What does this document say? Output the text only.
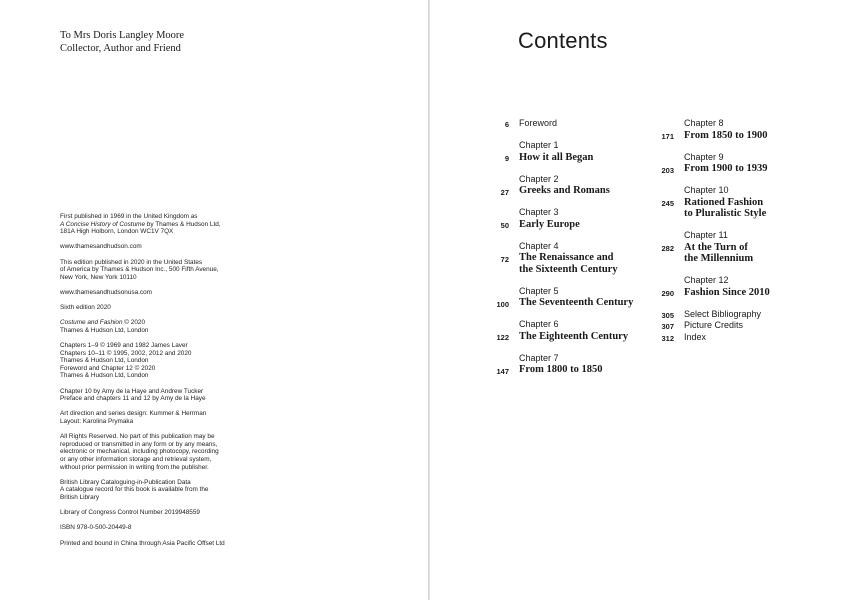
To Mrs Doris Langley Moore
Collector, Author and Friend

First published in 1969 in the United Kingdom as
A Concise History of Costume by Thames & Hudson Ltd,
181A High Holborn, London WC1V 7QX

www.thamesandhudson.com

This edition published in 2020 in the United States
of America by Thames & Hudson Inc., 500 Fifth Avenue,
New York, New York 10110

www.thamesandhudsonusa.com

Sixth edition 2020

Costume and Fashion © 2020
Thames & Hudson Ltd, London

Chapters 1–9 © 1969 and 1982 James Laver
Chapters 10–11 © 1995, 2002, 2012 and 2020
Thames & Hudson Ltd, London
Foreword and Chapter 12 © 2020
Thames & Hudson Ltd, London

Chapter 10 by Amy de la Haye and Andrew Tucker
Preface and chapters 11 and 12 by Amy de la Haye

Art direction and series design: Kummer & Herrman
Layout: Karolina Prymaka

All Rights Reserved. No part of this publication may be
reproduced or transmitted in any form or by any means,
electronic or mechanical, including photocopy, recording
or any other information storage and retrieval system,
without prior permission in writing from the publisher.

British Library Cataloguing-in-Publication Data
A catalogue record for this book is available from the
British Library

Library of Congress Control Number 2019948559

ISBN 978-0-500-20449-8

Printed and bound in China through Asia Pacific Offset Ltd

Contents
6 Foreword
9
Chapter 1
How it all Began
27
Chapter 2
Greeks and Romans
50
Chapter 3
Early Europe
72
Chapter 4
The Renaissance and
the Sixteenth Century
100
Chapter 5
The Seventeenth Century
122
Chapter 6
The Eighteenth Century
147
Chapter 7
From 1800 to 1850
171
Chapter 8
From 1850 to 1900
203
Chapter 9
From 1900 to 1939
245
Chapter 10
Rationed Fashion
to Pluralistic Style
282
Chapter 11
At the Turn of
the Millennium
290
Chapter 12
Fashion Since 2010
305 Select Bibliography
307 Picture Credits
312 Index
